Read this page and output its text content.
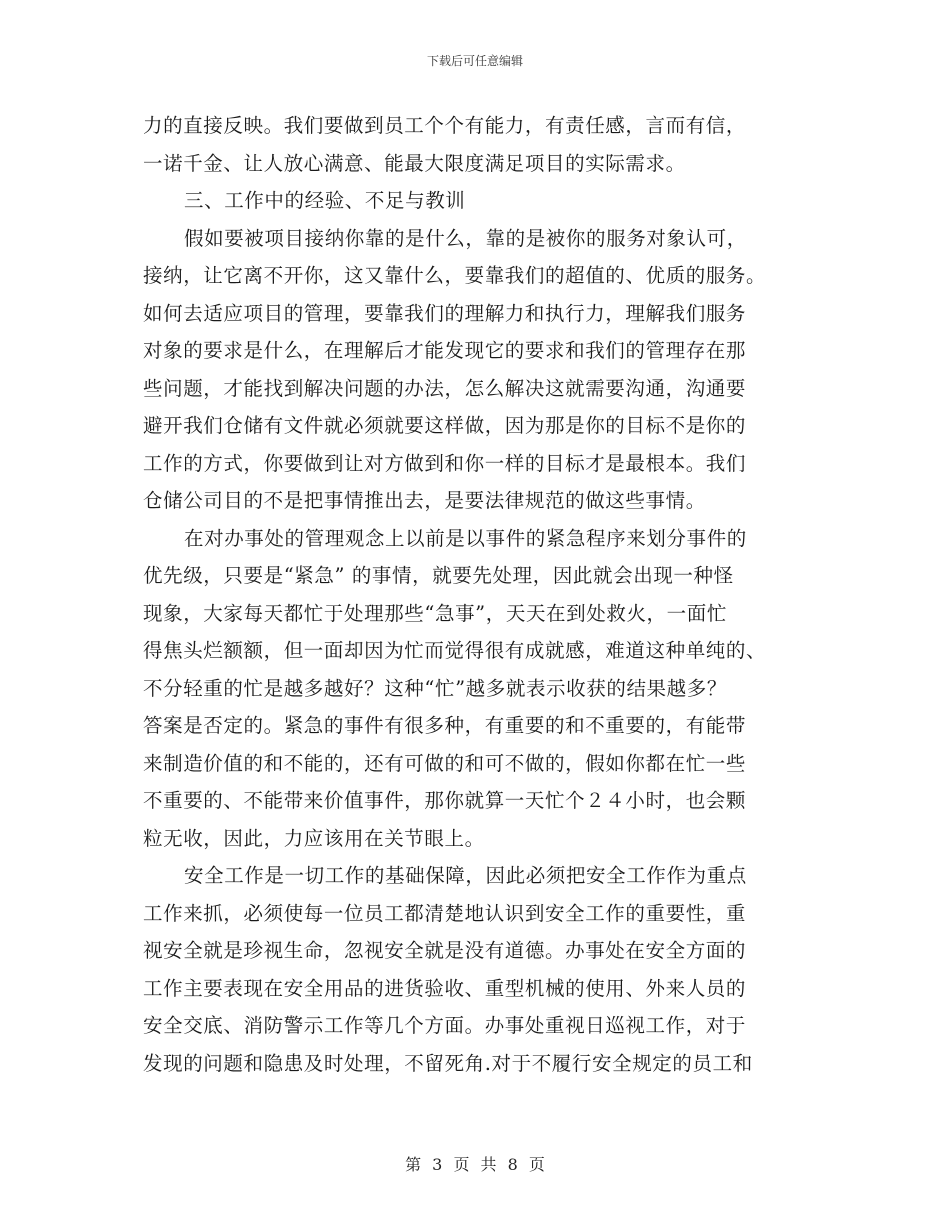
下载后可任意编辑
力的直接反映。我们要做到员工个个有能力，有责任感，言而有信，
一诺千金、让人放心满意、能最大限度满足项目的实际需求。
三、工作中的经验、不足与教训
假如要被项目接纳你靠的是什么，靠的是被你的服务对象认可，
接纳，让它离不开你，这又靠什么，要靠我们的超值的、优质的服务。
如何去适应项目的管理，要靠我们的理解力和执行力，理解我们服务
对象的要求是什么，在理解后才能发现它的要求和我们的管理存在那
些问题，才能找到解决问题的办法，怎么解决这就需要沟通，沟通要
避开我们仓储有文件就必须就要这样做，因为那是你的目标不是你的
工作的方式，你要做到让对方做到和你一样的目标才是最根本。我们
仓储公司目的不是把事情推出去，是要法律规范的做这些事情。
在对办事处的管理观念上以前是以事件的紧急程序来划分事件的
优先级，只要是“紧急” 的事情，就要先处理，因此就会出现一种怪
现象，大家每天都忙于处理那些“急事”，天天在到处救火，一面忙
得焦头烂额额，但一面却因为忙而觉得很有成就感，难道这种单纯的、
不分轻重的忙是越多越好？这种“忙”越多就表示收获的结果越多？
答案是否定的。紧急的事件有很多种，有重要的和不重要的，有能带
来制造价值的和不能的，还有可做的和可不做的，假如你都在忙一些
不重要的、不能带来价值事件，那你就算一天忙个２４小时，也会颗
粒无收，因此，力应该用在关节眼上。
安全工作是一切工作的基础保障，因此必须把安全工作作为重点
工作来抓，必须使每一位员工都清楚地认识到安全工作的重要性，重
视安全就是珍视生命，忽视安全就是没有道德。办事处在安全方面的
工作主要表现在安全用品的进货验收、重型机械的使用、外来人员的
安全交底、消防警示工作等几个方面。办事处重视日巡视工作，对于
发现的问题和隐患及时处理，不留死角.对于不履行安全规定的员工和
第 3 页 共 8 页
